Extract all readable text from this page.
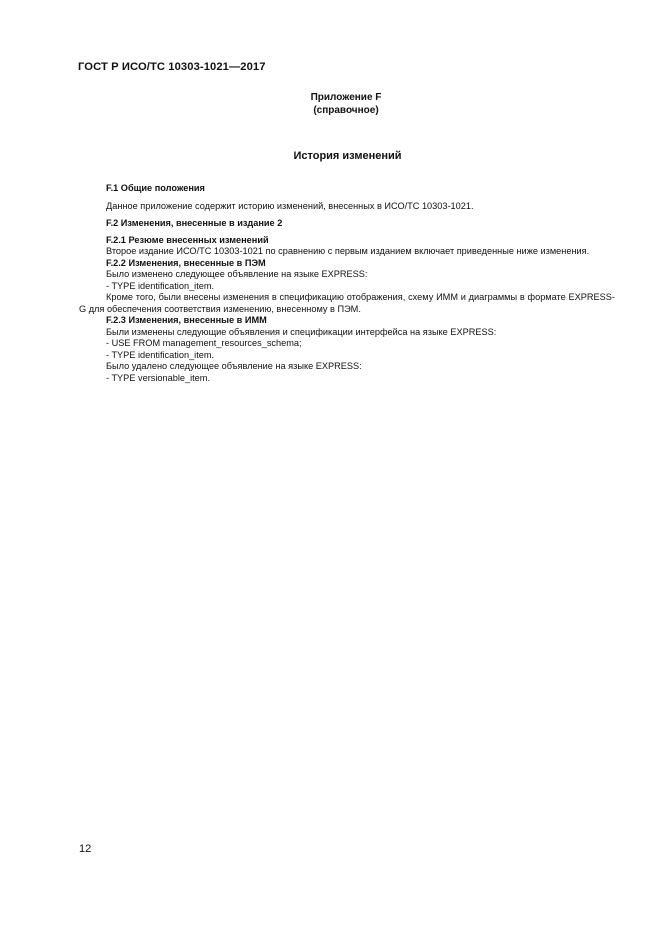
ГОСТ Р ИСО/ТС 10303-1021—2017
Приложение F
(справочное)
История изменений

F.1 Общие положения

Данное приложение содержит историю изменений, внесенных в ИСО/ТС 10303-1021.

F.2 Изменения, внесенные в издание 2

F.2.1 Резюме внесенных изменений

Второе издание ИСО/ТС 10303-1021 по сравнению с первым изданием включает приведенные ниже изменения.

F.2.2 Изменения, внесенные в ПЭМ

Было изменено следующее объявление на языке EXPRESS:

- TYPE identification_item.

Кроме того, были внесены изменения в спецификацию отображения, схему ИММ и диаграммы в формате EXPRESS-G для обеспечения соответствия изменению, внесенному в ПЭМ.

F.2.3 Изменения, внесенные в ИММ

Были изменены следующие объявления и спецификации интерфейса на языке EXPRESS:

- USE FROM management_resources_schema;

- TYPE identification_item.

Было удалено следующее объявление на языке EXPRESS:

- TYPE versionable_item.

12
